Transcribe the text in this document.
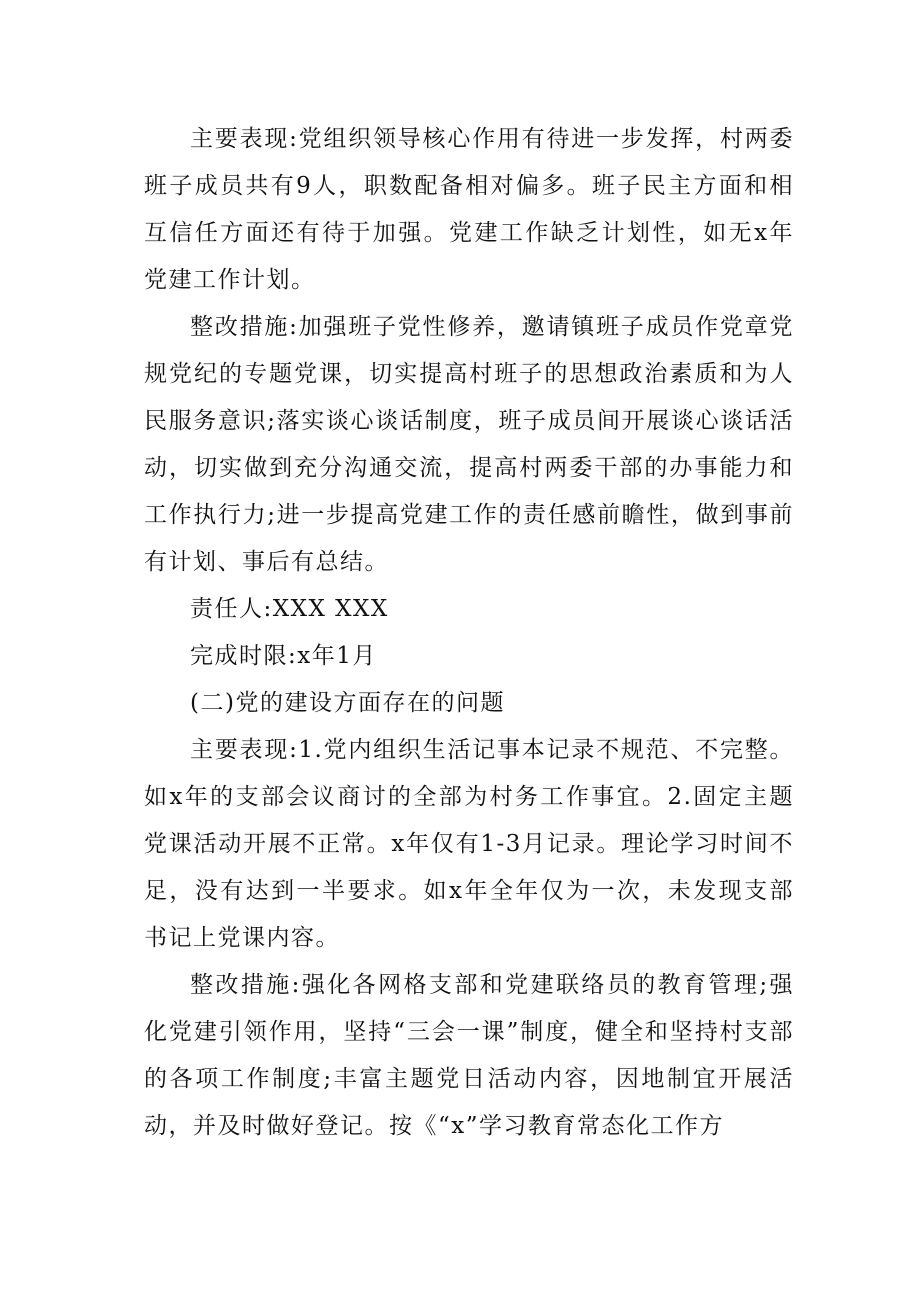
主要表现:党组织领导核心作用有待进一步发挥，村两委班子成员共有9人，职数配备相对偏多。班子民主方面和相互信任方面还有待于加强。党建工作缺乏计划性，如无x年党建工作计划。

整改措施:加强班子党性修养，邀请镇班子成员作党章党规党纪的专题党课，切实提高村班子的思想政治素质和为人民服务意识;落实谈心谈话制度，班子成员间开展谈心谈话活动，切实做到充分沟通交流，提高村两委干部的办事能力和工作执行力;进一步提高党建工作的责任感前瞻性，做到事前有计划、事后有总结。

责任人:XXX XXX

完成时限:x年1月

(二)党的建设方面存在的问题

主要表现:1.党内组织生活记事本记录不规范、不完整。如x年的支部会议商讨的全部为村务工作事宜。2.固定主题党课活动开展不正常。x年仅有1-3月记录。理论学习时间不足，没有达到一半要求。如x年全年仅为一次，未发现支部书记上党课内容。

整改措施:强化各网格支部和党建联络员的教育管理;强化党建引领作用，坚持“三会一课”制度，健全和坚持村支部的各项工作制度;丰富主题党日活动内容，因地制宜开展活动，并及时做好登记。按《“x”学习教育常态化工作方
